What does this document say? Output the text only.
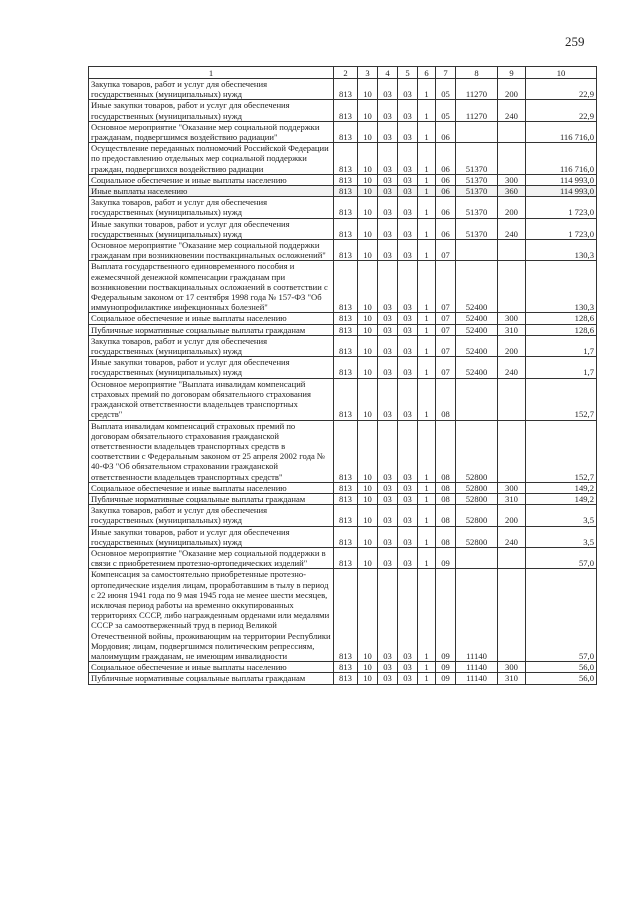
259
1	2	3	4	5	6	7	8	9	10
Закупка товаров, работ и услуг для обеспечения государственных (муниципальных) нужд	813	10	03	03	1	05	11270	200	22,9
Иные закупки товаров, работ и услуг для обеспечения государственных (муниципальных) нужд	813	10	03	03	1	05	11270	240	22,9
Основное мероприятие "Оказание мер социальной поддержки гражданам, подвергшимся воздействию радиации"	813	10	03	03	1	06			116 716,0
Осуществление переданных полномочий Российской Федерации по предоставлению отдельных мер социальной поддержки граждан, подвергшихся воздействию радиации	813	10	03	03	1	06	51370		116 716,0
Социальное обеспечение и иные выплаты населению	813	10	03	03	1	06	51370	300	114 993,0
Иные выплаты населению	813	10	03	03	1	06	51370	360	114 993,0
Закупка товаров, работ и услуг для обеспечения государственных (муниципальных) нужд	813	10	03	03	1	06	51370	200	1 723,0
Иные закупки товаров, работ и услуг для обеспечения государственных (муниципальных) нужд	813	10	03	03	1	06	51370	240	1 723,0
Основное мероприятие "Оказание мер социальной поддержки гражданам при возникновении поствакцинальных осложнений"	813	10	03	03	1	07			130,3
Выплата государственного единовременного пособия и ежемесячной денежной компенсации гражданам при возникновении поствакцинальных осложнений в соответствии с Федеральным законом от 17 сентября 1998 года № 157-ФЗ "Об иммунопрофилактике инфекционных болезней"	813	10	03	03	1	07	52400		130,3
Социальное обеспечение и иные выплаты населению	813	10	03	03	1	07	52400	300	128,6
Публичные нормативные социальные выплаты гражданам	813	10	03	03	1	07	52400	310	128,6
Закупка товаров, работ и услуг для обеспечения государственных (муниципальных) нужд	813	10	03	03	1	07	52400	200	1,7
Иные закупки товаров, работ и услуг для обеспечения государственных (муниципальных) нужд	813	10	03	03	1	07	52400	240	1,7
Основное мероприятие "Выплата инвалидам компенсаций страховых премий по договорам обязательного страхования гражданской ответственности владельцев транспортных средств"	813	10	03	03	1	08			152,7
Выплата инвалидам компенсаций страховых премий по договорам обязательного страхования гражданской ответственности владельцев транспортных средств в соответствии с Федеральным законом от 25 апреля 2002 года № 40-ФЗ "Об обязательном страховании гражданской ответственности владельцев транспортных средств"	813	10	03	03	1	08	52800		152,7
Социальное обеспечение и иные выплаты населению	813	10	03	03	1	08	52800	300	149,2
Публичные нормативные социальные выплаты гражданам	813	10	03	03	1	08	52800	310	149,2
Закупка товаров, работ и услуг для обеспечения государственных (муниципальных) нужд	813	10	03	03	1	08	52800	200	3,5
Иные закупки товаров, работ и услуг для обеспечения государственных (муниципальных) нужд	813	10	03	03	1	08	52800	240	3,5
Основное мероприятие "Оказание мер социальной поддержки в связи с приобретением протезно-ортопедических изделий"	813	10	03	03	1	09			57,0
Компенсация за самостоятельно приобретенные протезно-ортопедические изделия лицам, проработавшим в тылу в период с 22 июня 1941 года по 9 мая 1945 года не менее шести месяцев, исключая период работы на временно оккупированных территориях СССР, либо награжденным орденами или медалями СССР за самоотверженный труд в период Великой Отечественной войны, проживающим на территории Республики Мордовия; лицам, подвергшимся политическим репрессиям, малоимущим гражданам, не имеющим инвалидности	813	10	03	03	1	09	11140		57,0
Социальное обеспечение и иные выплаты населению	813	10	03	03	1	09	11140	300	56,0
Публичные нормативные социальные выплаты гражданам	813	10	03	03	1	09	11140	310	56,0
